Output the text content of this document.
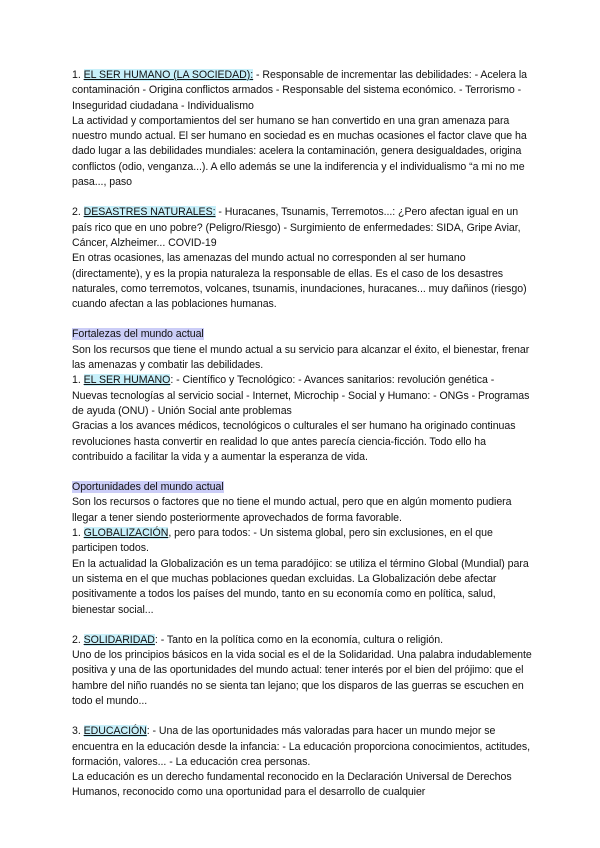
1. EL SER HUMANO (LA SOCIEDAD): - Responsable de incrementar las debilidades: - Acelera la contaminación - Origina conflictos armados - Responsable del sistema económico. - Terrorismo - Inseguridad ciudadana - Individualismo

La actividad y comportamientos del ser humano se han convertido en una gran amenaza para nuestro mundo actual. El ser humano en sociedad es en muchas ocasiones el factor clave que ha dado lugar a las debilidades mundiales: acelera la contaminación, genera desigualdades, origina conflictos (odio, venganza...). A ello además se une la indiferencia y el individualismo “a mi no me pasa..., paso

2. DESASTRES NATURALES: - Huracanes, Tsunamis, Terremotos...: ¿Pero afectan igual en un país rico que en uno pobre? (Peligro/Riesgo) - Surgimiento de enfermedades: SIDA, Gripe Aviar, Cáncer, Alzheimer... COVID-19

En otras ocasiones, las amenazas del mundo actual no corresponden al ser humano (directamente), y es la propia naturaleza la responsable de ellas. Es el caso de los desastres naturales, como terremotos, volcanes, tsunamis, inundaciones, huracanes... muy dañinos (riesgo) cuando afectan a las poblaciones humanas.

Fortalezas del mundo actual

Son los recursos que tiene el mundo actual a su servicio para alcanzar el éxito, el bienestar, frenar las amenazas y combatir las debilidades.

1. EL SER HUMANO: - Científico y Tecnológico: - Avances sanitarios: revolución genética - Nuevas tecnologías al servicio social - Internet, Microchip - Social y Humano: - ONGs - Programas de ayuda (ONU) - Unión Social ante problemas

Gracias a los avances médicos, tecnológicos o culturales el ser humano ha originado continuas revoluciones hasta convertir en realidad lo que antes parecía ciencia-ficción. Todo ello ha contribuido a facilitar la vida y a aumentar la esperanza de vida.

Oportunidades del mundo actual

Son los recursos o factores que no tiene el mundo actual, pero que en algún momento pudiera llegar a tener siendo posteriormente aprovechados de forma favorable.

1. GLOBALIZACIÓN, pero para todos: - Un sistema global, pero sin exclusiones, en el que participen todos.

En la actualidad la Globalización es un tema paradójico: se utiliza el término Global (Mundial) para un sistema en el que muchas poblaciones quedan excluidas. La Globalización debe afectar positivamente a todos los países del mundo, tanto en su economía como en política, salud, bienestar social...

2. SOLIDARIDAD: - Tanto en la política como en la economía, cultura o religión.

Uno de los principios básicos en la vida social es el de la Solidaridad. Una palabra indudablemente positiva y una de las oportunidades del mundo actual: tener interés por el bien del prójimo: que el hambre del niño ruandés no se sienta tan lejano; que los disparos de las guerras se escuchen en todo el mundo...

3. EDUCACIÓN: - Una de las oportunidades más valoradas para hacer un mundo mejor se encuentra en la educación desde la infancia: - La educación proporciona conocimientos, actitudes, formación, valores... - La educación crea personas.

La educación es un derecho fundamental reconocido en la Declaración Universal de Derechos Humanos, reconocido como una oportunidad para el desarrollo de cualquier
